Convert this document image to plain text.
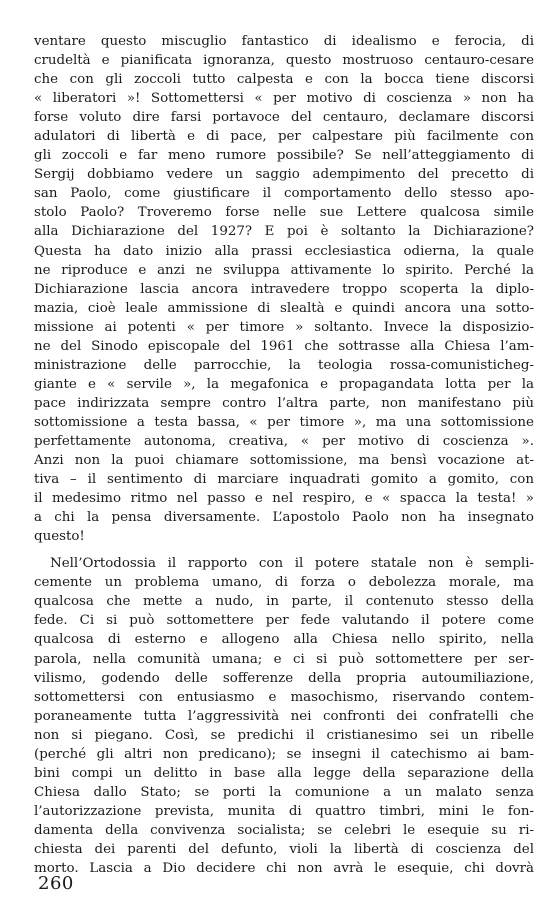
ventare questo miscuglio fantastico di idealismo e ferocia, di
crudeltà e pianificata ignoranza, questo mostruoso centauro-cesare
che con gli zoccoli tutto calpesta e con la bocca tiene discorsi
« liberatori »! Sottomettersi « per motivo di coscienza » non ha
forse voluto dire farsi portavoce del centauro, declamare discorsi
adulatori di libertà e di pace, per calpestare più facilmente con
gli zoccoli e far meno rumore possibile? Se nell’atteggiamento di
Sergij dobbiamo vedere un saggio adempimento del precetto di
san Paolo, come giustificare il comportamento dello stesso apo-
stolo Paolo? Troveremo forse nelle sue Lettere qualcosa simile
alla Dichiarazione del 1927? E poi è soltanto la Dichiarazione?
Questa ha dato inizio alla prassi ecclesiastica odierna, la quale
ne riproduce e anzi ne sviluppa attivamente lo spirito. Perché la
Dichiarazione lascia ancora intravedere troppo scoperta la diplo-
mazia, cioè leale ammissione di slealtà e quindi ancora una sotto-
missione ai potenti « per timore » soltanto. Invece la disposizio-
ne del Sinodo episcopale del 1961 che sottrasse alla Chiesa l’am-
ministrazione delle parrocchie, la teologia rossa-comunisticheg-
giante e « servile », la megafonica e propagandata lotta per la
pace indirizzata sempre contro l’altra parte, non manifestano più
sottomissione a testa bassa, « per timore », ma una sottomissione
perfettamente autonoma, creativa, « per motivo di coscienza ».
Anzi non la puoi chiamare sottomissione, ma bensì vocazione at-
tiva – il sentimento di marciare inquadrati gomito a gomito, con
il medesimo ritmo nel passo e nel respiro, e « spacca la testa! »
a chi la pensa diversamente. L’apostolo Paolo non ha insegnato
questo!
Nell’Ortodossia il rapporto con il potere statale non è sempli-
cemente un problema umano, di forza o debolezza morale, ma
qualcosa che mette a nudo, in parte, il contenuto stesso della
fede. Ci si può sottomettere per fede valutando il potere come
qualcosa di esterno e allogeno alla Chiesa nello spirito, nella
parola, nella comunità umana; e ci si può sottomettere per ser-
vilismo, godendo delle sofferenze della propria autoumiliazione,
sottomettersi con entusiasmo e masochismo, riservando contem-
poraneamente tutta l’aggressività nei confronti dei confratelli che
non si piegano. Così, se predichi il cristianesimo sei un ribelle
(perché gli altri non predicano); se insegni il catechismo ai bam-
bini compi un delitto in base alla legge della separazione della
Chiesa dallo Stato; se porti la comunione a un malato senza
l’autorizzazione prevista, munita di quattro timbri, mini le fon-
damenta della convivenza socialista; se celebri le esequie su ri-
chiesta dei parenti del defunto, violi la libertà di coscienza del
morto. Lascia a Dio decidere chi non avrà le esequie, chi dovrà
260
